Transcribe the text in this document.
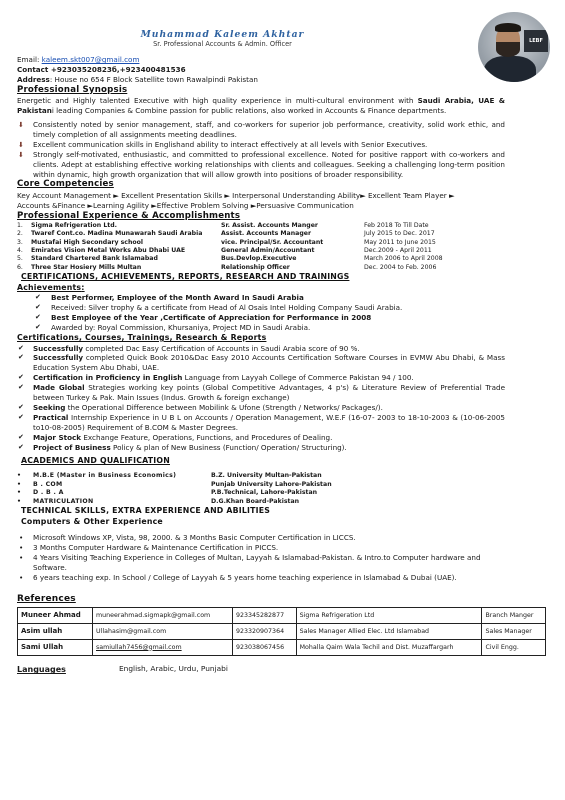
Muhammad Kaleem Akhtar
Sr. Professional Accounts & Admin. Officer	LEBF
Email: kaleem.skt007@gmail.com
Contact +92303520823б,+923400481536
Address: House no 654 F Block Satellite town Rawalpindi Pakistan
Professional Synopsis
Energetic and Highly talented Executive with high quality experience in multi-cultural environment with Saudi Arabia, UAE & Pakistani leading Companies & Combine passion for public relations, also worked in Accounts & Finance departments.
⬇ Consistently noted by senior management, staff, and co-workers for superior job performance, creativity, solid work ethic, and timely completion of all assignments meeting deadlines.
⬇ Excellent communication skills in Englishand ability to interact effectively at all levels with Senior Executives.
⬇ Strongly self-motivated, enthusiastic, and committed to professional excellence. Noted for positive rapport with co-workers and clients. Adept at establishing effective working relationships with clients and colleagues. Seeking a challenging long-term position within dynamic, high growth organization that will allow growth into positions of broader responsibility.
Core Competencies
Key Account Management ► Excellent Presentation Skills ► Interpersonal Understanding Ability► Excellent Team Player ►
Accounts &Finance ►Learning Agility ►Effective Problem Solving ►Persuasive Communication
Professional Experience & Accomplishments
1.	Sigma Refrigeration Ltd.	Sr. Assist. Accounts Manger	Feb 2018 To Till Date
2.	Twaref Cont.co. Madina Munawarah Saudi Arabia	Assist. Accounts Manager	July 2015 to Dec. 2017
3.	Mustafai High Secondary school	vice. Principal/Sr. Accountant	May 2011 to June 2015
4.	Emirates Vision Metal Works Abu Dhabi UAE	General Admin/Accountant	Dec.2009 - April 2011
5.	Standard Chartered Bank Islamabad	Bus.Devlop.Executive	March 2006 to April 2008
6.	Three Star Hosiery Mills Multan	Relationship Officer	Dec. 2004 to Feb. 2006
CERTIFICATIONS, ACHIEVEMENTS, REPORTS, RESEARCH AND TRAININGS
Achievements:
✔ Best Performer, Employee of the Month Award In Saudi Arabia
✔ Received: Silver trophy & a certificate from Head of Al Osais Intel Holding Company Saudi Arabia.
✔ Best Employee of the Year ,Certificate of Appreciation for Performance in 2008
✔ Awarded by: Royal Commission, Khursaniya, Project MD in Saudi Arabia.
Certifications, Courses, Trainings, Research & Reports
✔ Successfully completed Dac Easy Certification of Accounts in Saudi Arabia score of 90 %.
✔ Successfully completed Quick Book 2010&Dac Easy 2010 Accounts Certification Software Courses in EVMW Abu Dhabi, & Mass Education System Abu Dhabi, UAE.
✔ Certification in Proficiency in English Language from Layyah College of Commerce Pakistan 94 / 100.
✔ Made Global Strategies working key points (Global Competitive Advantages, 4 p's) & Literature Review of Preferential Trade between Turkey & Pak. Main Issues (Indus. Growth & foreign exchange)
✔ Seeking the Operational Difference between Mobilink & Ufone (Strength / Networks/ Packages/).
✔ Practical Internship Experience in U B L on Accounts / Operation Management, W.E.F (16-07- 2003 to 18-10-2003 & (10-06-2005 to10-08-2005) Requirement of B.COM & Master Degrees.
✔ Major Stock Exchange Feature, Operations, Functions, and Procedures of Dealing.
✔ Project of Business Policy & plan of New Business (Function/ Operation/ Structuring).
ACADEMICS AND QUALIFICATION
•	M.B.E (Master in Business Economics)	B.Z. University Multan-Pakistan
•	B . COM	Punjab University Lahore-Pakistan
•	D . B . A	P.B.Technical, Lahore-Pakistan
•	MATRICULATION	D.G.Khan Board-Pakistan
TECHNICAL SKILLS, EXTRA EXPERIENCE AND ABILITIES
Computers & Other Experience
• Microsoft Windows XP, Vista, 98, 2000. & 3 Months Basic Computer Certification in LICCS.
• 3 Months Computer Hardware & Maintenance Certification in PICCS.
• 4 Years Visiting Teaching Experience in Colleges of Multan, Layyah & Islamabad-Pakistan. & Intro.to Computer hardware and Software.
• 6 years teaching exp. In School / College of Layyah & 5 years home teaching experience in Islamabad & Dubai (UAE).
References
Muneer Ahmad	muneerahmad.sigmapk@gmail.com	923345282877	Sigma Refrigeration Ltd	Branch Manger
Asim ullah	Ullahasim@gmail.com	923320907364	Sales Manager Allied Elec. Ltd Islamabad	Sales Manager
Sami Ullah	samiullah7456@gmail.com	923038067456	Mohalla Qaim Wala Techil and Dist. Muzaffargarh	Civil Engg.
Languages	English, Arabic, Urdu, Punjabi
